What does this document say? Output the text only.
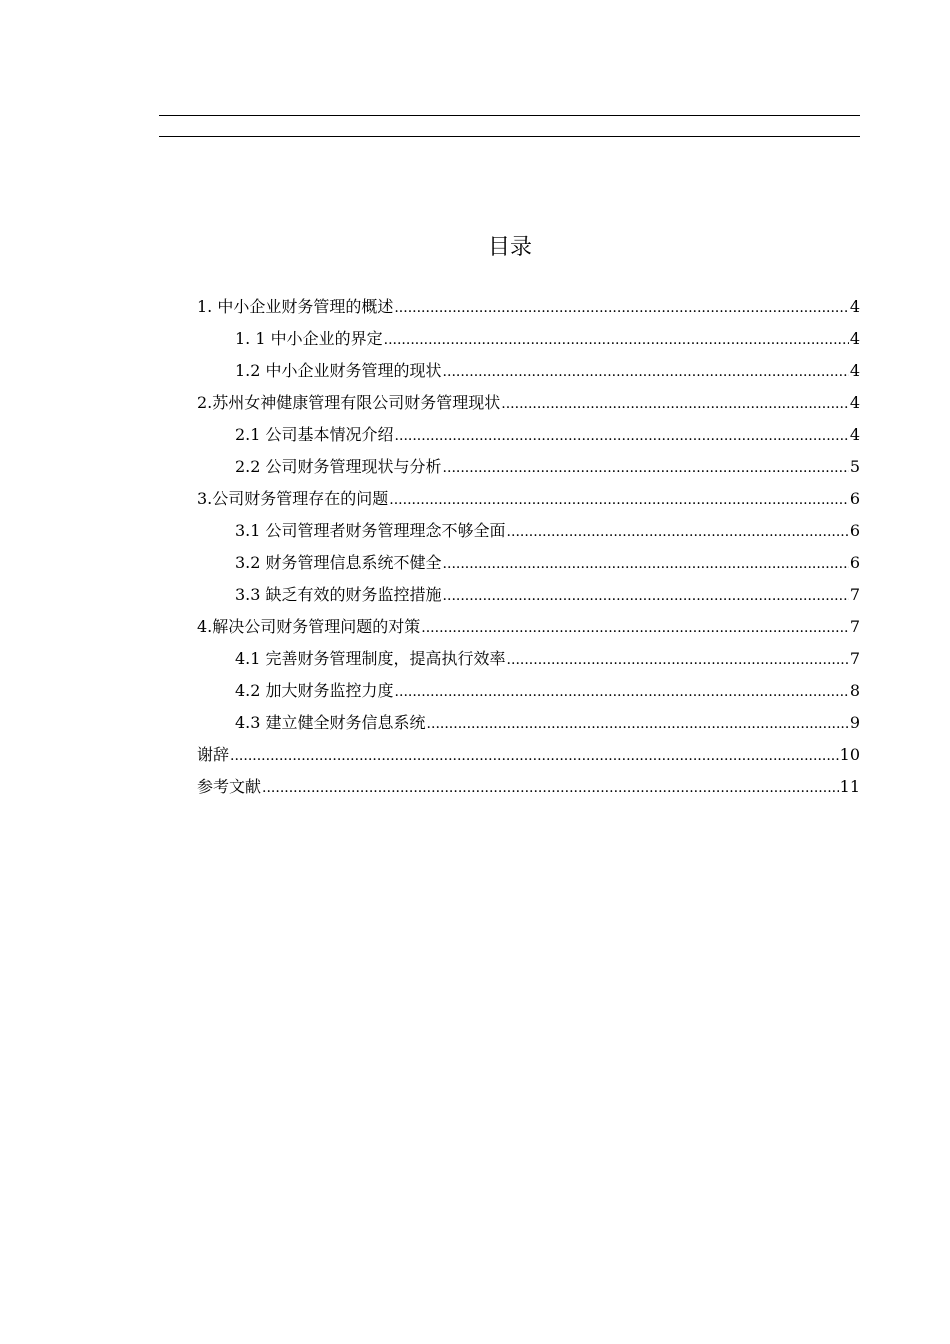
目录
1. 中小企业财务管理的概述 .....	4
1. 1 中小企业的界定 .....	4
1.2 中小企业财务管理的现状 .....	4
2.苏州女神健康管理有限公司财务管理现状 .....	4
2.1 公司基本情况介绍 .....	4
2.2 公司财务管理现状与分析 .....	5
3.公司财务管理存在的问题 .....	6
3.1 公司管理者财务管理理念不够全面 .....	6
3.2 财务管理信息系统不健全 .....	6
3.3 缺乏有效的财务监控措施 .....	7
4.解决公司财务管理问题的对策 .....	7
4.1 完善财务管理制度，提高执行效率 .....	7
4.2 加大财务监控力度 .....	8
4.3 建立健全财务信息系统 .....	9
谢辞 .....	10
参考文献 .....	11
